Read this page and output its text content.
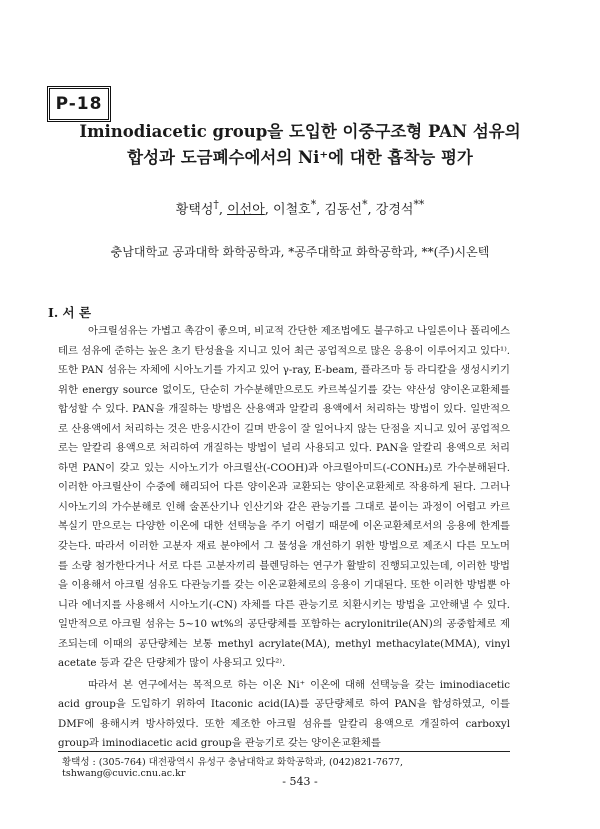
P-18
Iminodiacetic group을 도입한 이중구조형 PAN 섬유의
합성과 도금폐수에서의 Ni⁺에 대한 흡착능 평가
황택성†, 이선아, 이철호*, 김동선*, 강경석**
충남대학교 공과대학 화학공학과, *공주대학교 화학공학과, **(주)시온텍
I. 서 론

아크릴섬유는 가볍고 촉감이 좋으며, 비교적 간단한 제조법에도 불구하고 나일론이나 폴리에스테르 섬유에 준하는 높은 초기 탄성율을 지니고 있어 최근 공업적으로 많은 응용이 이루어지고 있다¹⁾. 또한 PAN 섬유는 자체에 시아노기를 가지고 있어 γ-ray, E-beam, 플라즈마 등 라디칼을 생성시키기 위한 energy source 없이도, 단순히 가수분해만으로도 카르복실기를 갖는 약산성 양이온교환체를 합성할 수 있다. PAN을 개질하는 방법은 산용액과 알칼리 용액에서 처리하는 방법이 있다. 일반적으로 산용액에서 처리하는 것은 반응시간이 길며 반응이 잘 일어나지 않는 단점을 지니고 있어 공업적으로는 알칼리 용액으로 처리하여 개질하는 방법이 널리 사용되고 있다. PAN을 알칼리 용액으로 처리하면 PAN이 갖고 있는 시아노기가 아크릴산(-COOH)과 아크릴아미드(-CONH₂)로 가수분해된다. 이러한 아크릴산이 수중에 해리되어 다른 양이온과 교환되는 양이온교환체로 작용하게 된다. 그러나 시아노기의 가수분해로 인해 술폰산기나 인산기와 같은 관능기를 그대로 붙이는 과정이 어렵고 카르복실기 만으로는 다양한 이온에 대한 선택능을 주기 어렵기 때문에 이온교환체로서의 응용에 한계를 갖는다. 따라서 이러한 고분자 재료 분야에서 그 물성을 개선하기 위한 방법으로 제조시 다른 모노머를 소량 첨가한다거나 서로 다른 고분자끼리 블렌딩하는 연구가 활발히 진행되고있는데, 이러한 방법을 이용해서 아크릴 섬유도 다관능기를 갖는 이온교환체로의 응용이 기대된다. 또한 이러한 방법뿐 아니라 에너지를 사용해서 시아노기(-CN) 자체를 다른 관능기로 치환시키는 방법을 고안해낼 수 있다. 일반적으로 아크릴 섬유는 5~10 wt%의 공단량체를 포함하는 acrylonitrile(AN)의 공중합체로 제조되는데 이때의 공단량체는 보통 methyl acrylate(MA), methyl methacylate(MMA), vinyl acetate 등과 같은 단량체가 많이 사용되고 있다²⁾.

따라서 본 연구에서는 목적으로 하는 이온 Ni⁺ 이온에 대해 선택능을 갖는 iminodiacetic acid group을 도입하기 위하여 Itaconic acid(IA)를 공단량체로 하여 PAN을 합성하였고, 이를 DMF에 용해시켜 방사하였다. 또한 제조한 아크릴 섬유를 알칼리 용액으로 개질하여 carboxyl group과 iminodiacetic acid group을 관능기로 갖는 양이온교환체를

황택성 : (305-764) 대전광역시 유성구 충남대학교 화학공학과, (042)821-7677, tshwang@cuvic.cnu.ac.kr
- 543 -
